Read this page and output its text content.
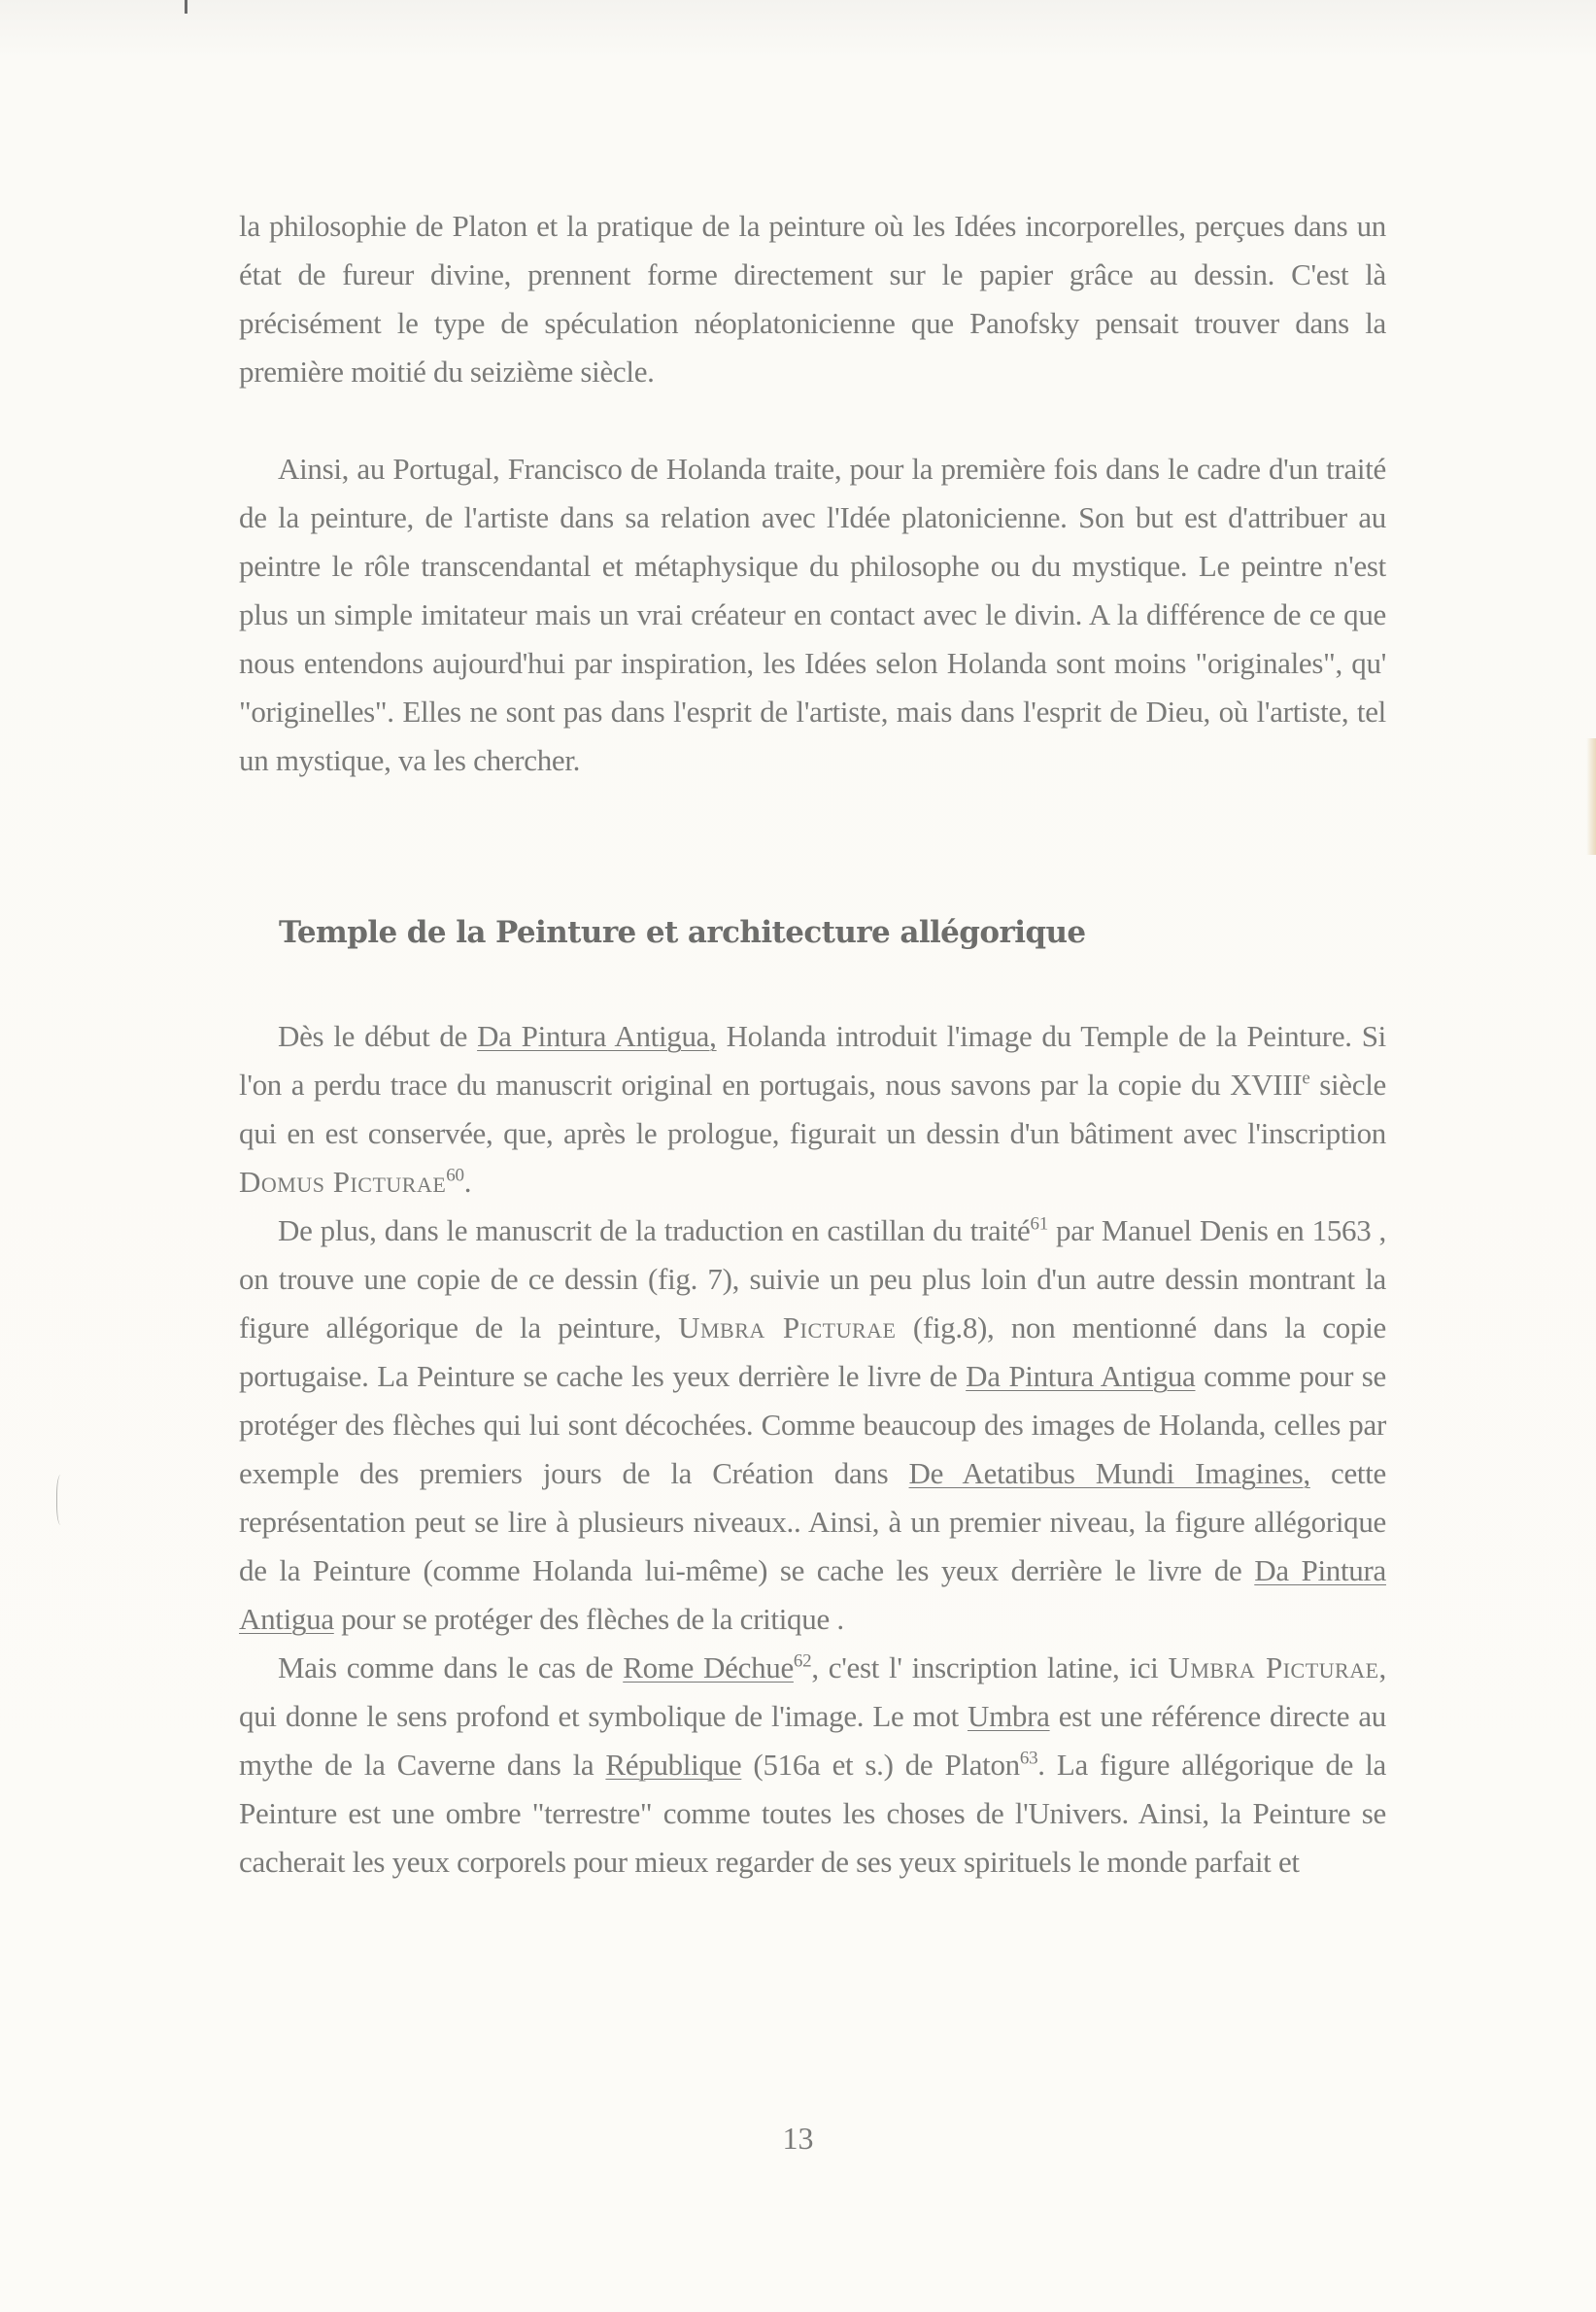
la philosophie de Platon et la pratique de la peinture où les Idées incorporelles, perçues dans un état de fureur divine, prennent forme directement sur le papier grâce au dessin. C'est là précisément le type de spéculation néoplatonicienne que Panofsky pensait trouver dans la première moitié du seizième siècle.

Ainsi, au Portugal, Francisco de Holanda traite, pour la première fois dans le cadre d'un traité de la peinture, de l'artiste dans sa relation avec l'Idée platonicienne. Son but est d'attribuer au peintre le rôle transcendantal et métaphysique du philosophe ou du mystique. Le peintre n'est plus un simple imitateur mais un vrai créateur en contact avec le divin. A la différence de ce que nous entendons aujourd'hui par inspiration, les Idées selon Holanda sont moins "originales", qu' "originelles". Elles ne sont pas dans l'esprit de l'artiste, mais dans l'esprit de Dieu, où l'artiste, tel un mystique, va les chercher.

Temple de la Peinture et architecture allégorique

Dès le début de Da Pintura Antigua, Holanda introduit l'image du Temple de la Peinture. Si l'on a perdu trace du manuscrit original en portugais, nous savons par la copie du XVIIIe siècle qui en est conservée, que, après le prologue, figurait un dessin d'un bâtiment avec l'inscription Domus Picturae$^{60}$.

De plus, dans le manuscrit de la traduction en castillan du traité$^{61}$ par Manuel Denis en 1563 , on trouve une copie de ce dessin (fig. 7), suivie un peu plus loin d'un autre dessin montrant la figure allégorique de la peinture, Umbra Picturae (fig.8), non mentionné dans la copie portugaise. La Peinture se cache les yeux derrière le livre de Da Pintura Antigua comme pour se protéger des flèches qui lui sont décochées. Comme beaucoup des images de Holanda, celles par exemple des premiers jours de la Création dans De Aetatibus Mundi Imagines, cette représentation peut se lire à plusieurs niveaux.. Ainsi, à un premier niveau, la figure allégorique de la Peinture (comme Holanda lui-même) se cache les yeux derrière le livre de Da Pintura Antigua pour se protéger des flèches de la critique .

Mais comme dans le cas de Rome Déchue$^{62}$, c'est l' inscription latine, ici Umbra Picturae, qui donne le sens profond et symbolique de l'image. Le mot Umbra est une référence directe au mythe de la Caverne dans la République (516a et s.) de Platon$^{63}$. La figure allégorique de la Peinture est une ombre "terrestre" comme toutes les choses de l'Univers. Ainsi, la Peinture se cacherait les yeux corporels pour mieux regarder de ses yeux spirituels le monde parfait et

13
